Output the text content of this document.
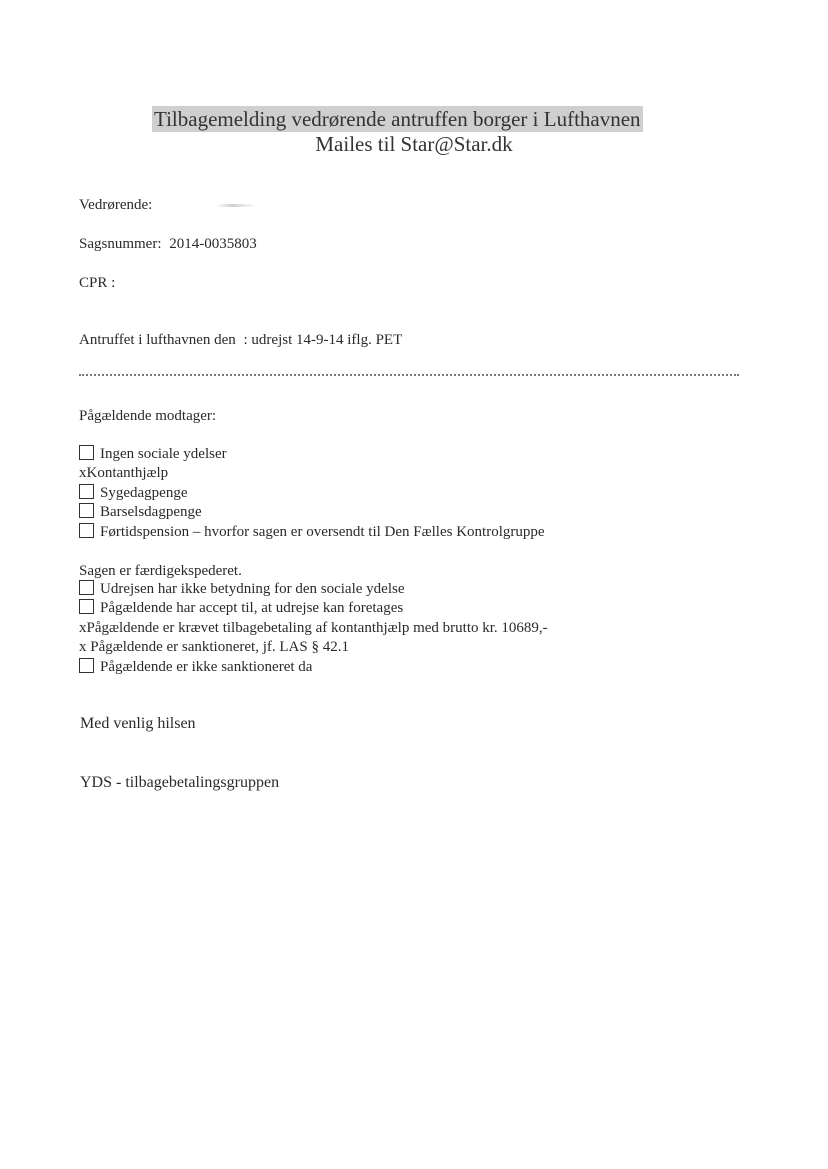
Tilbagemelding vedrørende antruffen borger i Lufthavnen
Mailes til Star@Star.dk
Vedrørende:
Sagsnummer: 2014-0035803
CPR :
Antruffet i lufthavnen den : udrejst 14-9-14 iflg. PET
Pågældende modtager:
Ingen sociale ydelser
xKontanthjælp
Sygedagpenge
Barselsdagpenge
Førtidspension – hvorfor sagen er oversendt til Den Fælles Kontrolgruppe
Sagen er færdigekspederet.
Udrejsen har ikke betydning for den sociale ydelse
Pågældende har accept til, at udrejse kan foretages
xPågældende er krævet tilbagebetaling af kontanthjælp med brutto kr. 10689,-
x Pågældende er sanktioneret, jf. LAS § 42.1
Pågældende er ikke sanktioneret da
Med venlig hilsen
YDS - tilbagebetalingsgruppen
